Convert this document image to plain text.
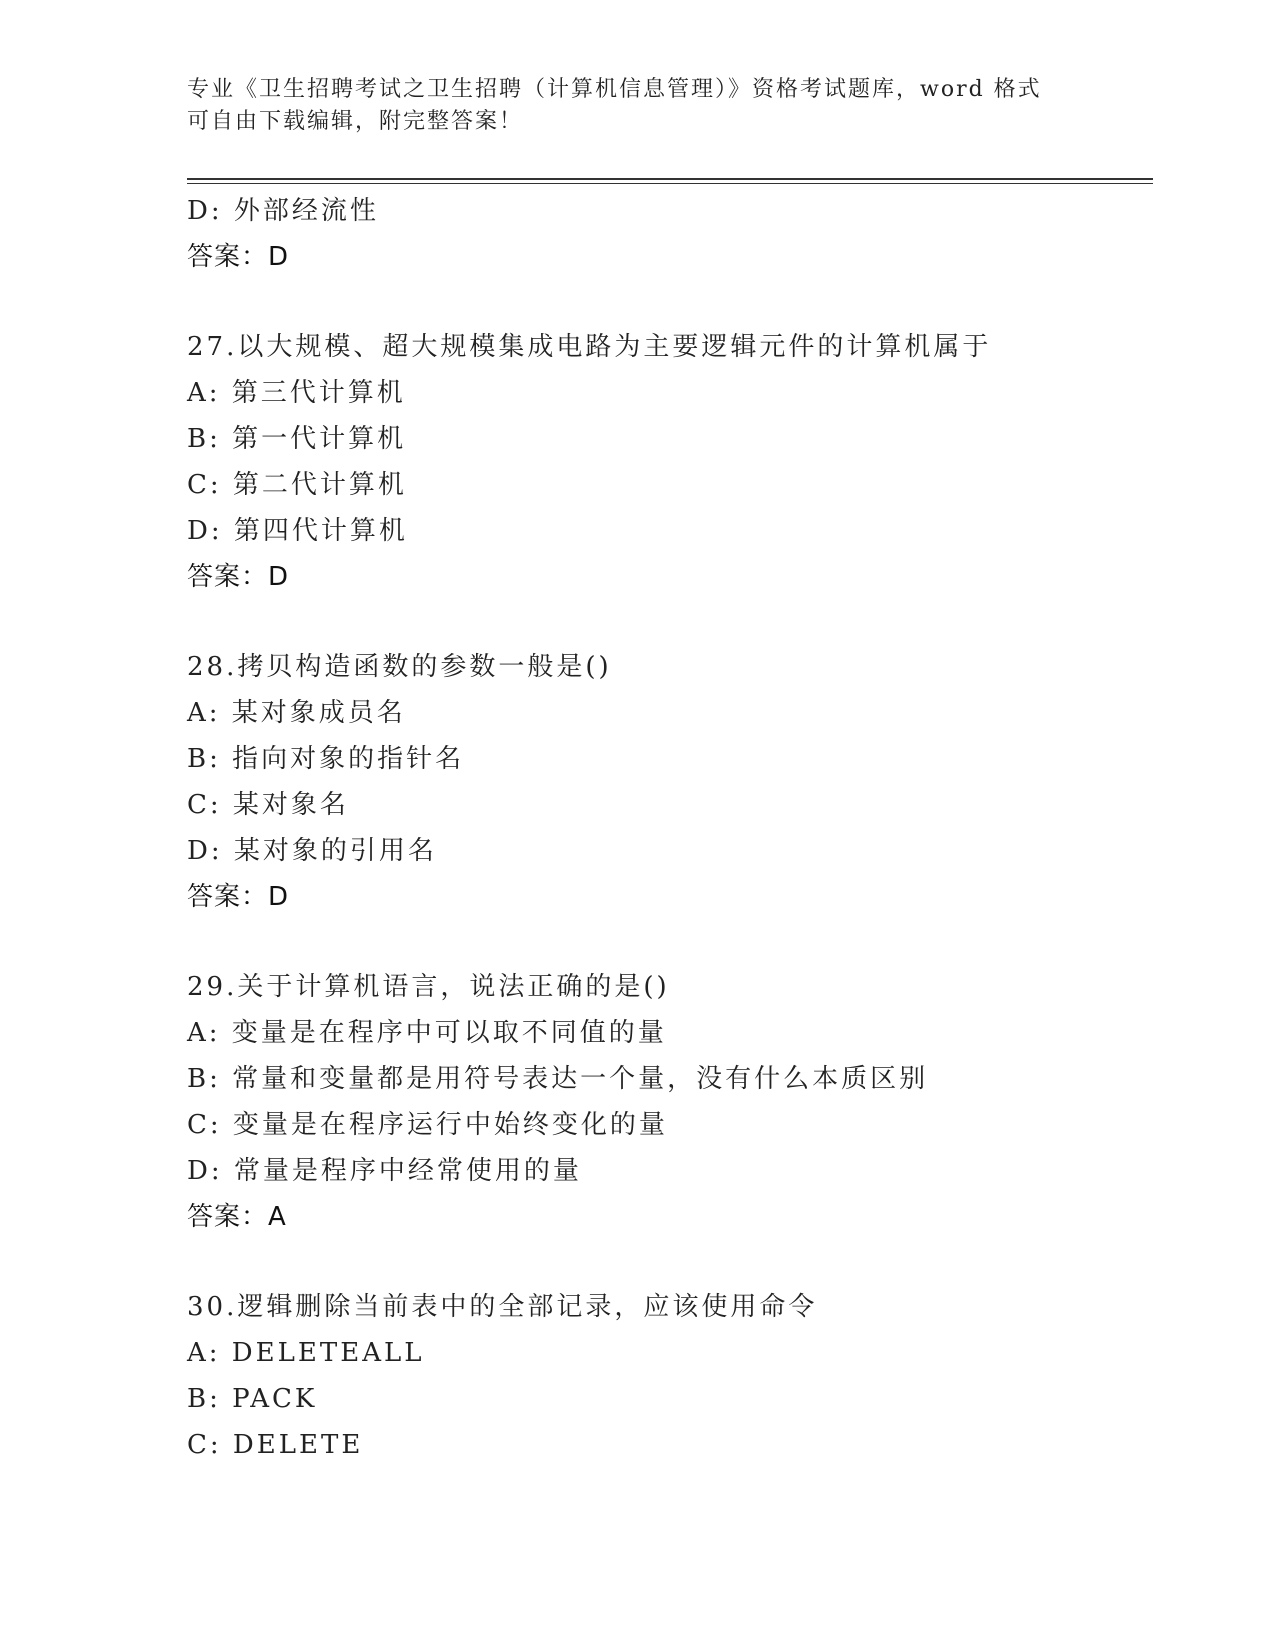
专业《卫生招聘考试之卫生招聘（计算机信息管理）》资格考试题库，word 格式
可自由下载编辑，附完整答案！
D: 外部经流性
答案：D
27.以大规模、超大规模集成电路为主要逻辑元件的计算机属于
A: 第三代计算机
B: 第一代计算机
C: 第二代计算机
D: 第四代计算机
答案：D
28.拷贝构造函数的参数一般是()
A: 某对象成员名
B: 指向对象的指针名
C: 某对象名
D: 某对象的引用名
答案：D
29.关于计算机语言，说法正确的是()
A: 变量是在程序中可以取不同值的量
B: 常量和变量都是用符号表达一个量，没有什么本质区别
C: 变量是在程序运行中始终变化的量
D: 常量是程序中经常使用的量
答案：A
30.逻辑删除当前表中的全部记录，应该使用命令
A: DELETEALL
B: PACK
C: DELETE
